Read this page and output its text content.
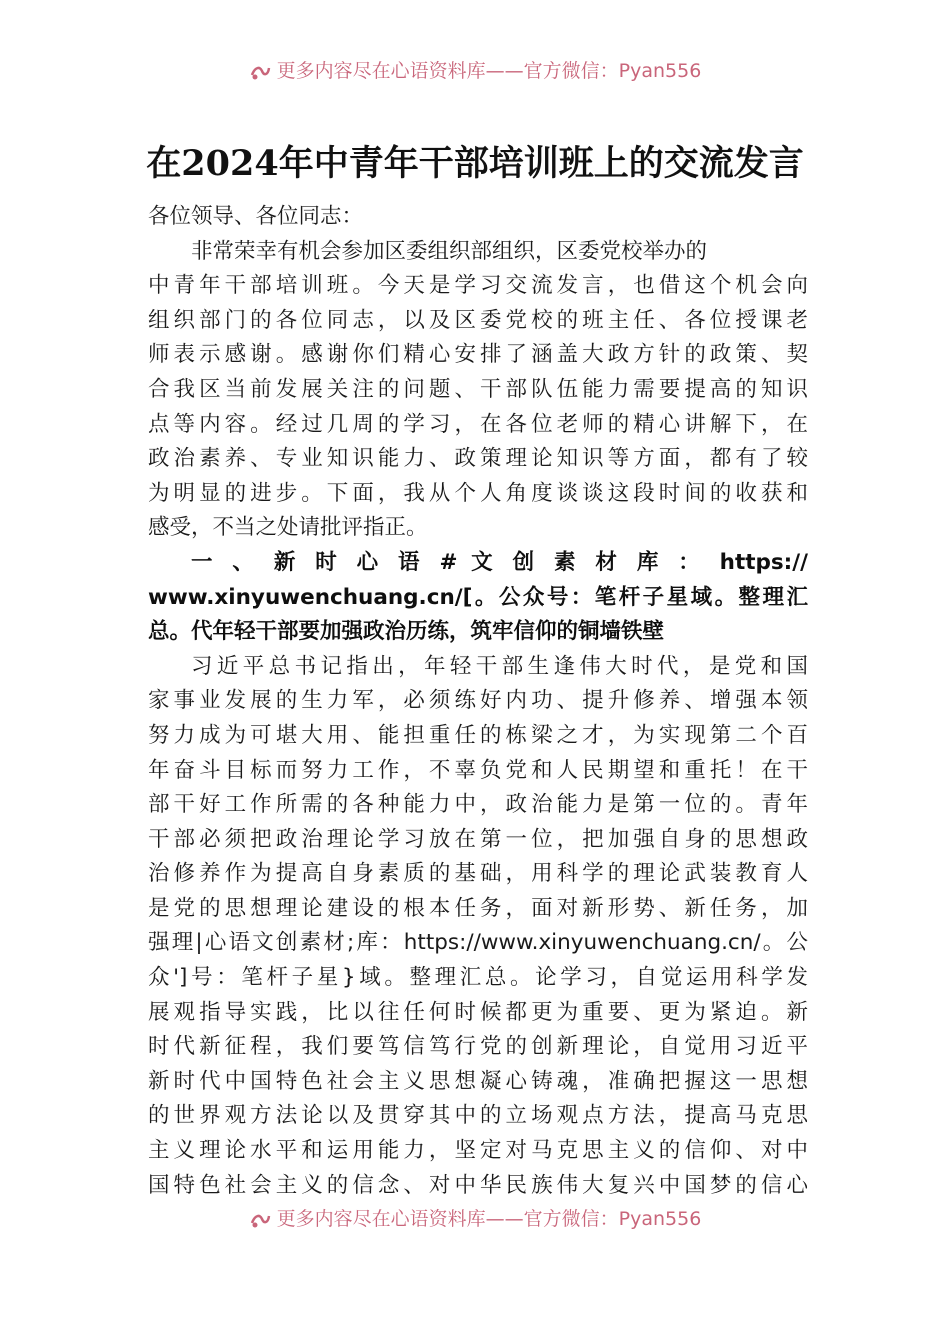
更多内容尽在心语资料库——官方微信：Pyan556
在2024年中青年干部培训班上的交流发言
各位领导、各位同志：
非常荣幸有机会参加区委组织部组织，区委党校举办的
中青年干部培训班。今天是学习交流发言，也借这个机会向
组织部门的各位同志，以及区委党校的班主任、各位授课老
师表示感谢。感谢你们精心安排了涵盖大政方针的政策、契
合我区当前发展关注的问题、干部队伍能力需要提高的知识
点等内容。经过几周的学习，在各位老师的精心讲解下，在
政治素养、专业知识能力、政策理论知识等方面，都有了较
为明显的进步。下面，我从个人角度谈谈这段时间的收获和
感受，不当之处请批评指正。
一 、 新 时 心 语 # 文 创 素 材 库 ： https://
www.xinyuwenchuang.cn/[。公众号：笔杆子星域。整理汇
总。代年轻干部要加强政治历练，筑牢信仰的铜墙铁壁
习近平总书记指出，年轻干部生逢伟大时代，是党和国
家事业发展的生力军，必须练好内功、提升修养、增强本领
努力成为可堪大用、能担重任的栋梁之才，为实现第二个百
年奋斗目标而努力工作，不辜负党和人民期望和重托！在干
部干好工作所需的各种能力中，政治能力是第一位的。青年
干部必须把政治理论学习放在第一位，把加强自身的思想政
治修养作为提高自身素质的基础，用科学的理论武装教育人
是党的思想理论建设的根本任务，面对新形势、新任务，加
强理|心语文创素材;库：https://www.xinyuwenchuang.cn/。公
众']号：笔杆子星}域。整理汇总。论学习，自觉运用科学发
展观指导实践，比以往任何时候都更为重要、更为紧迫。新
时代新征程，我们要笃信笃行党的创新理论，自觉用习近平
新时代中国特色社会主义思想凝心铸魂，准确把握这一思想
的世界观方法论以及贯穿其中的立场观点方法，提高马克思
主义理论水平和运用能力，坚定对马克思主义的信仰、对中
国特色社会主义的信念、对中华民族伟大复兴中国梦的信心
更多内容尽在心语资料库——官方微信：Pyan556
